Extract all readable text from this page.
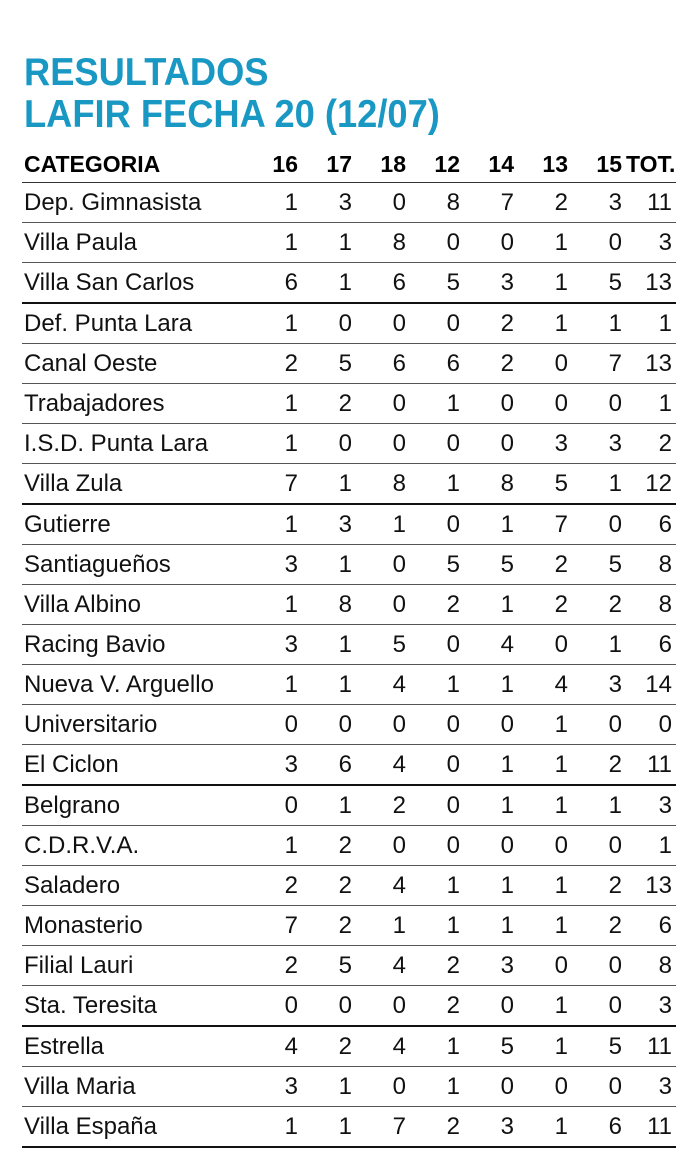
RESULTADOS
LAFIR FECHA 20 (12/07)
CATEGORIA	16	17	18	12	14	13	15	TOT.
Dep. Gimnasista	1	3	0	8	7	2	3	11
Villa Paula	1	1	8	0	0	1	0	3
Villa San Carlos	6	1	6	5	3	1	5	13
Def. Punta Lara	1	0	0	0	2	1	1	1
Canal Oeste	2	5	6	6	2	0	7	13
Trabajadores	1	2	0	1	0	0	0	1
I.S.D. Punta Lara	1	0	0	0	0	3	3	2
Villa Zula	7	1	8	1	8	5	1	12
Gutierre	1	3	1	0	1	7	0	6
Santiagueños	3	1	0	5	5	2	5	8
Villa Albino	1	8	0	2	1	2	2	8
Racing Bavio	3	1	5	0	4	0	1	6
Nueva V. Arguello	1	1	4	1	1	4	3	14
Universitario	0	0	0	0	0	1	0	0
El Ciclon	3	6	4	0	1	1	2	11
Belgrano	0	1	2	0	1	1	1	3
C.D.R.V.A.	1	2	0	0	0	0	0	1
Saladero	2	2	4	1	1	1	2	13
Monasterio	7	2	1	1	1	1	2	6
Filial Lauri	2	5	4	2	3	0	0	8
Sta. Teresita	0	0	0	2	0	1	0	3
Estrella	4	2	4	1	5	1	5	11
Villa Maria	3	1	0	1	0	0	0	3
Villa España	1	1	7	2	3	1	6	11
